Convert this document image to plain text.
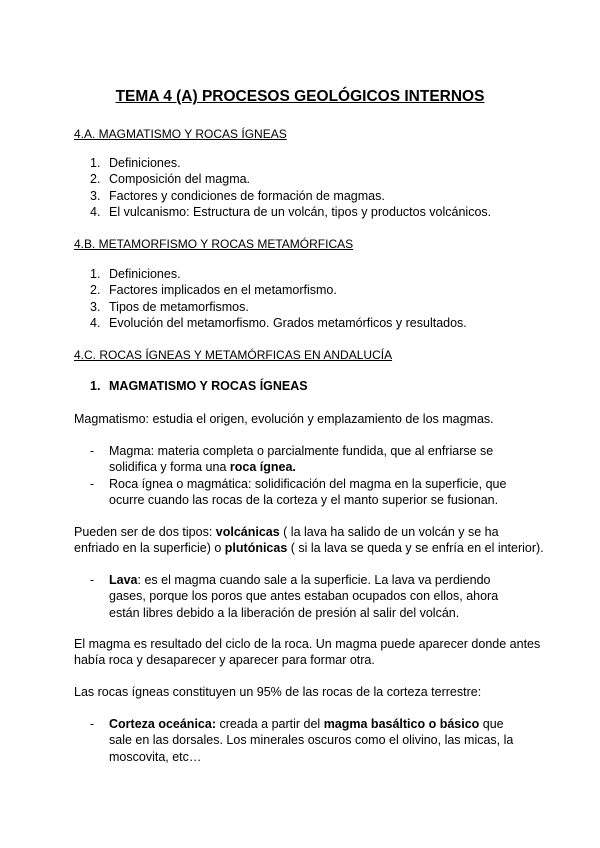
TEMA 4 (A) PROCESOS GEOLÓGICOS INTERNOS
4.A. MAGMATISMO Y ROCAS ÍGNEAS
1. Definiciones.
2. Composición del magma.
3. Factores y condiciones de formación de magmas.
4. El vulcanismo: Estructura de un volcán, tipos y productos volcánicos.
4.B. METAMORFISMO Y ROCAS METAMÓRFICAS
1. Definiciones.
2. Factores implicados en el metamorfismo.
3. Tipos de metamorfismos.
4. Evolución del metamorfismo. Grados metamórficos y resultados.
4.C. ROCAS ÍGNEAS Y METAMÓRFICAS EN ANDALUCÍA
1. MAGMATISMO Y ROCAS ÍGNEAS

Magmatismo: estudia el origen, evolución y emplazamiento de los magmas.

- Magma: materia completa o parcialmente fundida, que al enfriarse se solidifica y forma una roca ígnea.
- Roca ígnea o magmática: solidificación del magma en la superficie, que ocurre cuando las rocas de la corteza y el manto superior se fusionan.

Pueden ser de dos tipos: volcánicas ( la lava ha salido de un volcán y se ha enfriado en la superficie) o plutónicas ( si la lava se queda y se enfría en el interior).

- Lava: es el magma cuando sale a la superficie. La lava va perdiendo gases, porque los poros que antes estaban ocupados con ellos, ahora están libres debido a la liberación de presión al salir del volcán.

El magma es resultado del ciclo de la roca. Un magma puede aparecer donde antes había roca y desaparecer y aparecer para formar otra.

Las rocas ígneas constituyen un 95% de las rocas de la corteza terrestre:

- Corteza oceánica: creada a partir del magma basáltico o básico que sale en las dorsales. Los minerales oscuros como el olivino, las micas, la moscovita, etc…
